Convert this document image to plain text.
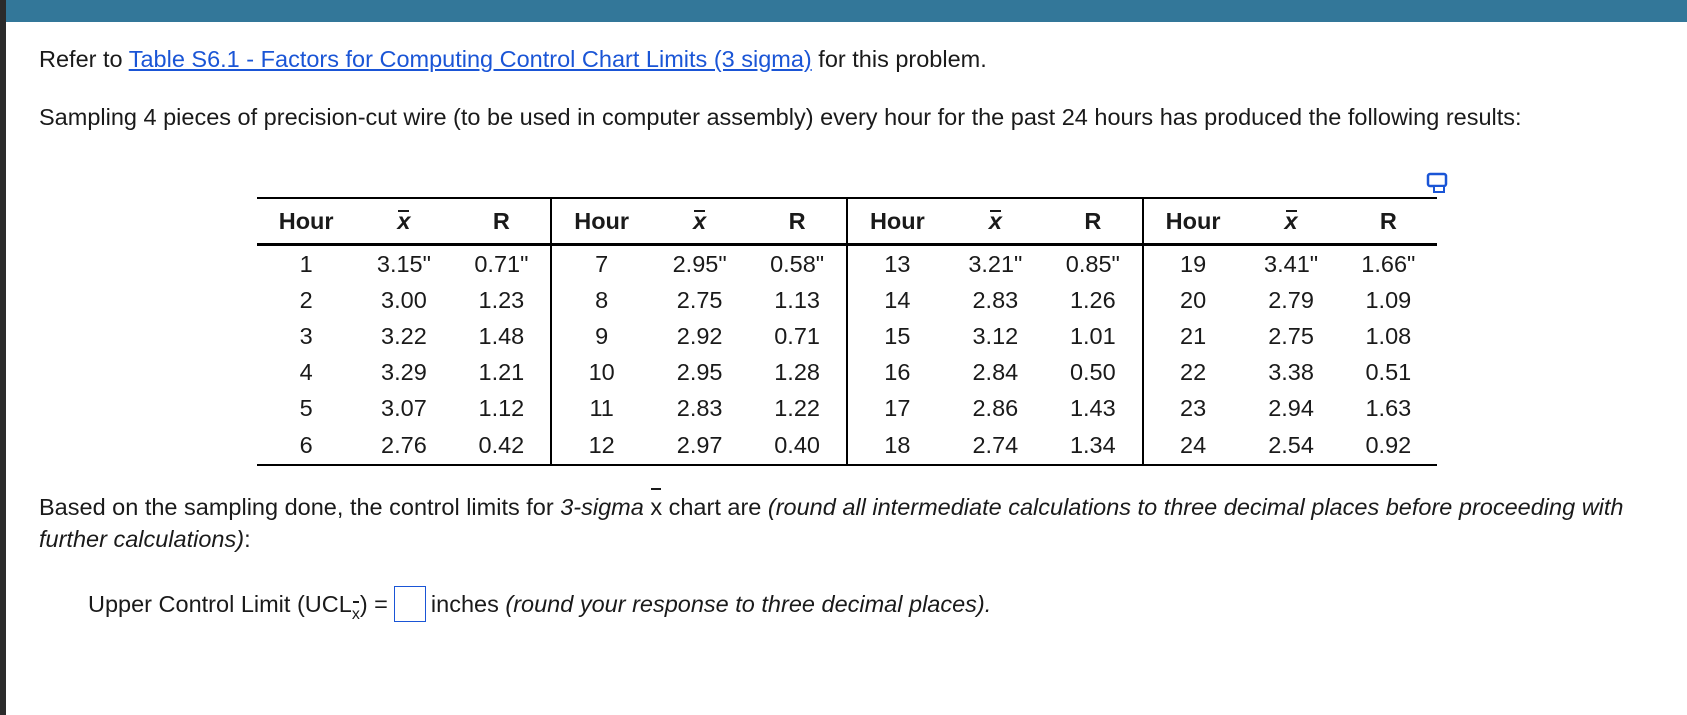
Refer to Table S6.1 - Factors for Computing Control Chart Limits (3 sigma) for this problem.
Sampling 4 pieces of precision-cut wire (to be used in computer assembly) every hour for the past 24 hours has produced the following results:
Hour	x	R	Hour	x	R	Hour	x	R	Hour	x	R
1	3.15"	0.71"	7	2.95"	0.58"	13	3.21"	0.85"	19	3.41"	1.66"
2	3.00	1.23	8	2.75	1.13	14	2.83	1.26	20	2.79	1.09
3	3.22	1.48	9	2.92	0.71	15	3.12	1.01	21	2.75	1.08
4	3.29	1.21	10	2.95	1.28	16	2.84	0.50	22	3.38	0.51
5	3.07	1.12	11	2.83	1.22	17	2.86	1.43	23	2.94	1.63
6	2.76	0.42	12	2.97	0.40	18	2.74	1.34	24	2.54	0.92
Based on the sampling done, the control limits for 3-sigma x chart are (round all intermediate calculations to three decimal places before proceeding with further calculations):
Upper Control Limit (UCLx) = inches (round your response to three decimal places).
